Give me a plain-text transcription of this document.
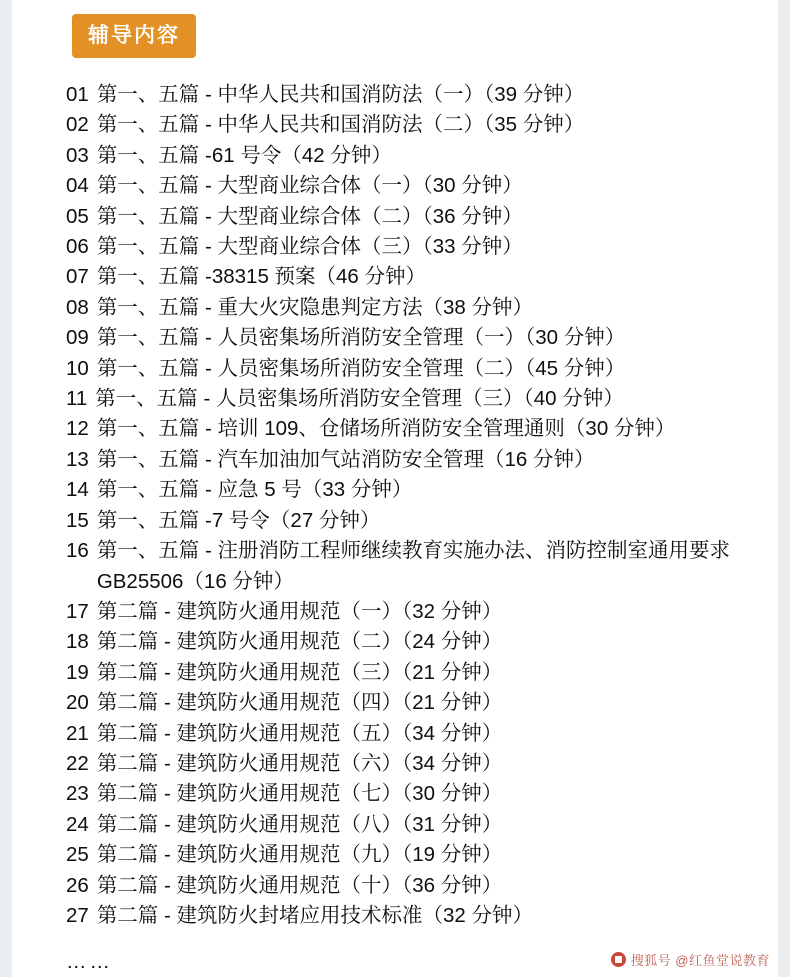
辅导内容
01 第一、五篇 - 中华人民共和国消防法（一）（39 分钟）
02 第一、五篇 - 中华人民共和国消防法（二）（35 分钟）
03 第一、五篇 -61 号令（42 分钟）
04 第一、五篇 - 大型商业综合体（一）（30 分钟）
05 第一、五篇 - 大型商业综合体（二）（36 分钟）
06 第一、五篇 - 大型商业综合体（三）（33 分钟）
07 第一、五篇 -38315 预案（46 分钟）
08 第一、五篇 - 重大火灾隐患判定方法（38 分钟）
09 第一、五篇 - 人员密集场所消防安全管理（一）（30 分钟）
10 第一、五篇 - 人员密集场所消防安全管理（二）（45 分钟）
11 第一、五篇 - 人员密集场所消防安全管理（三）（40 分钟）
12 第一、五篇 - 培训 109、仓储场所消防安全管理通则（30 分钟）
13 第一、五篇 - 汽车加油加气站消防安全管理（16 分钟）
14 第一、五篇 - 应急 5 号（33 分钟）
15 第一、五篇 -7 号令（27 分钟）
16 第一、五篇 - 注册消防工程师继续教育实施办法、消防控制室通用要求 GB25506（16 分钟）
17 第二篇 - 建筑防火通用规范（一）（32 分钟）
18 第二篇 - 建筑防火通用规范（二）（24 分钟）
19 第二篇 - 建筑防火通用规范（三）（21 分钟）
20 第二篇 - 建筑防火通用规范（四）（21 分钟）
21 第二篇 - 建筑防火通用规范（五）（34 分钟）
22 第二篇 - 建筑防火通用规范（六）（34 分钟）
23 第二篇 - 建筑防火通用规范（七）（30 分钟）
24 第二篇 - 建筑防火通用规范（八）（31 分钟）
25 第二篇 - 建筑防火通用规范（九）（19 分钟）
26 第二篇 - 建筑防火通用规范（十）（36 分钟）
27 第二篇 - 建筑防火封堵应用技术标准（32 分钟）
……	搜狐号 @红鱼堂说教育
